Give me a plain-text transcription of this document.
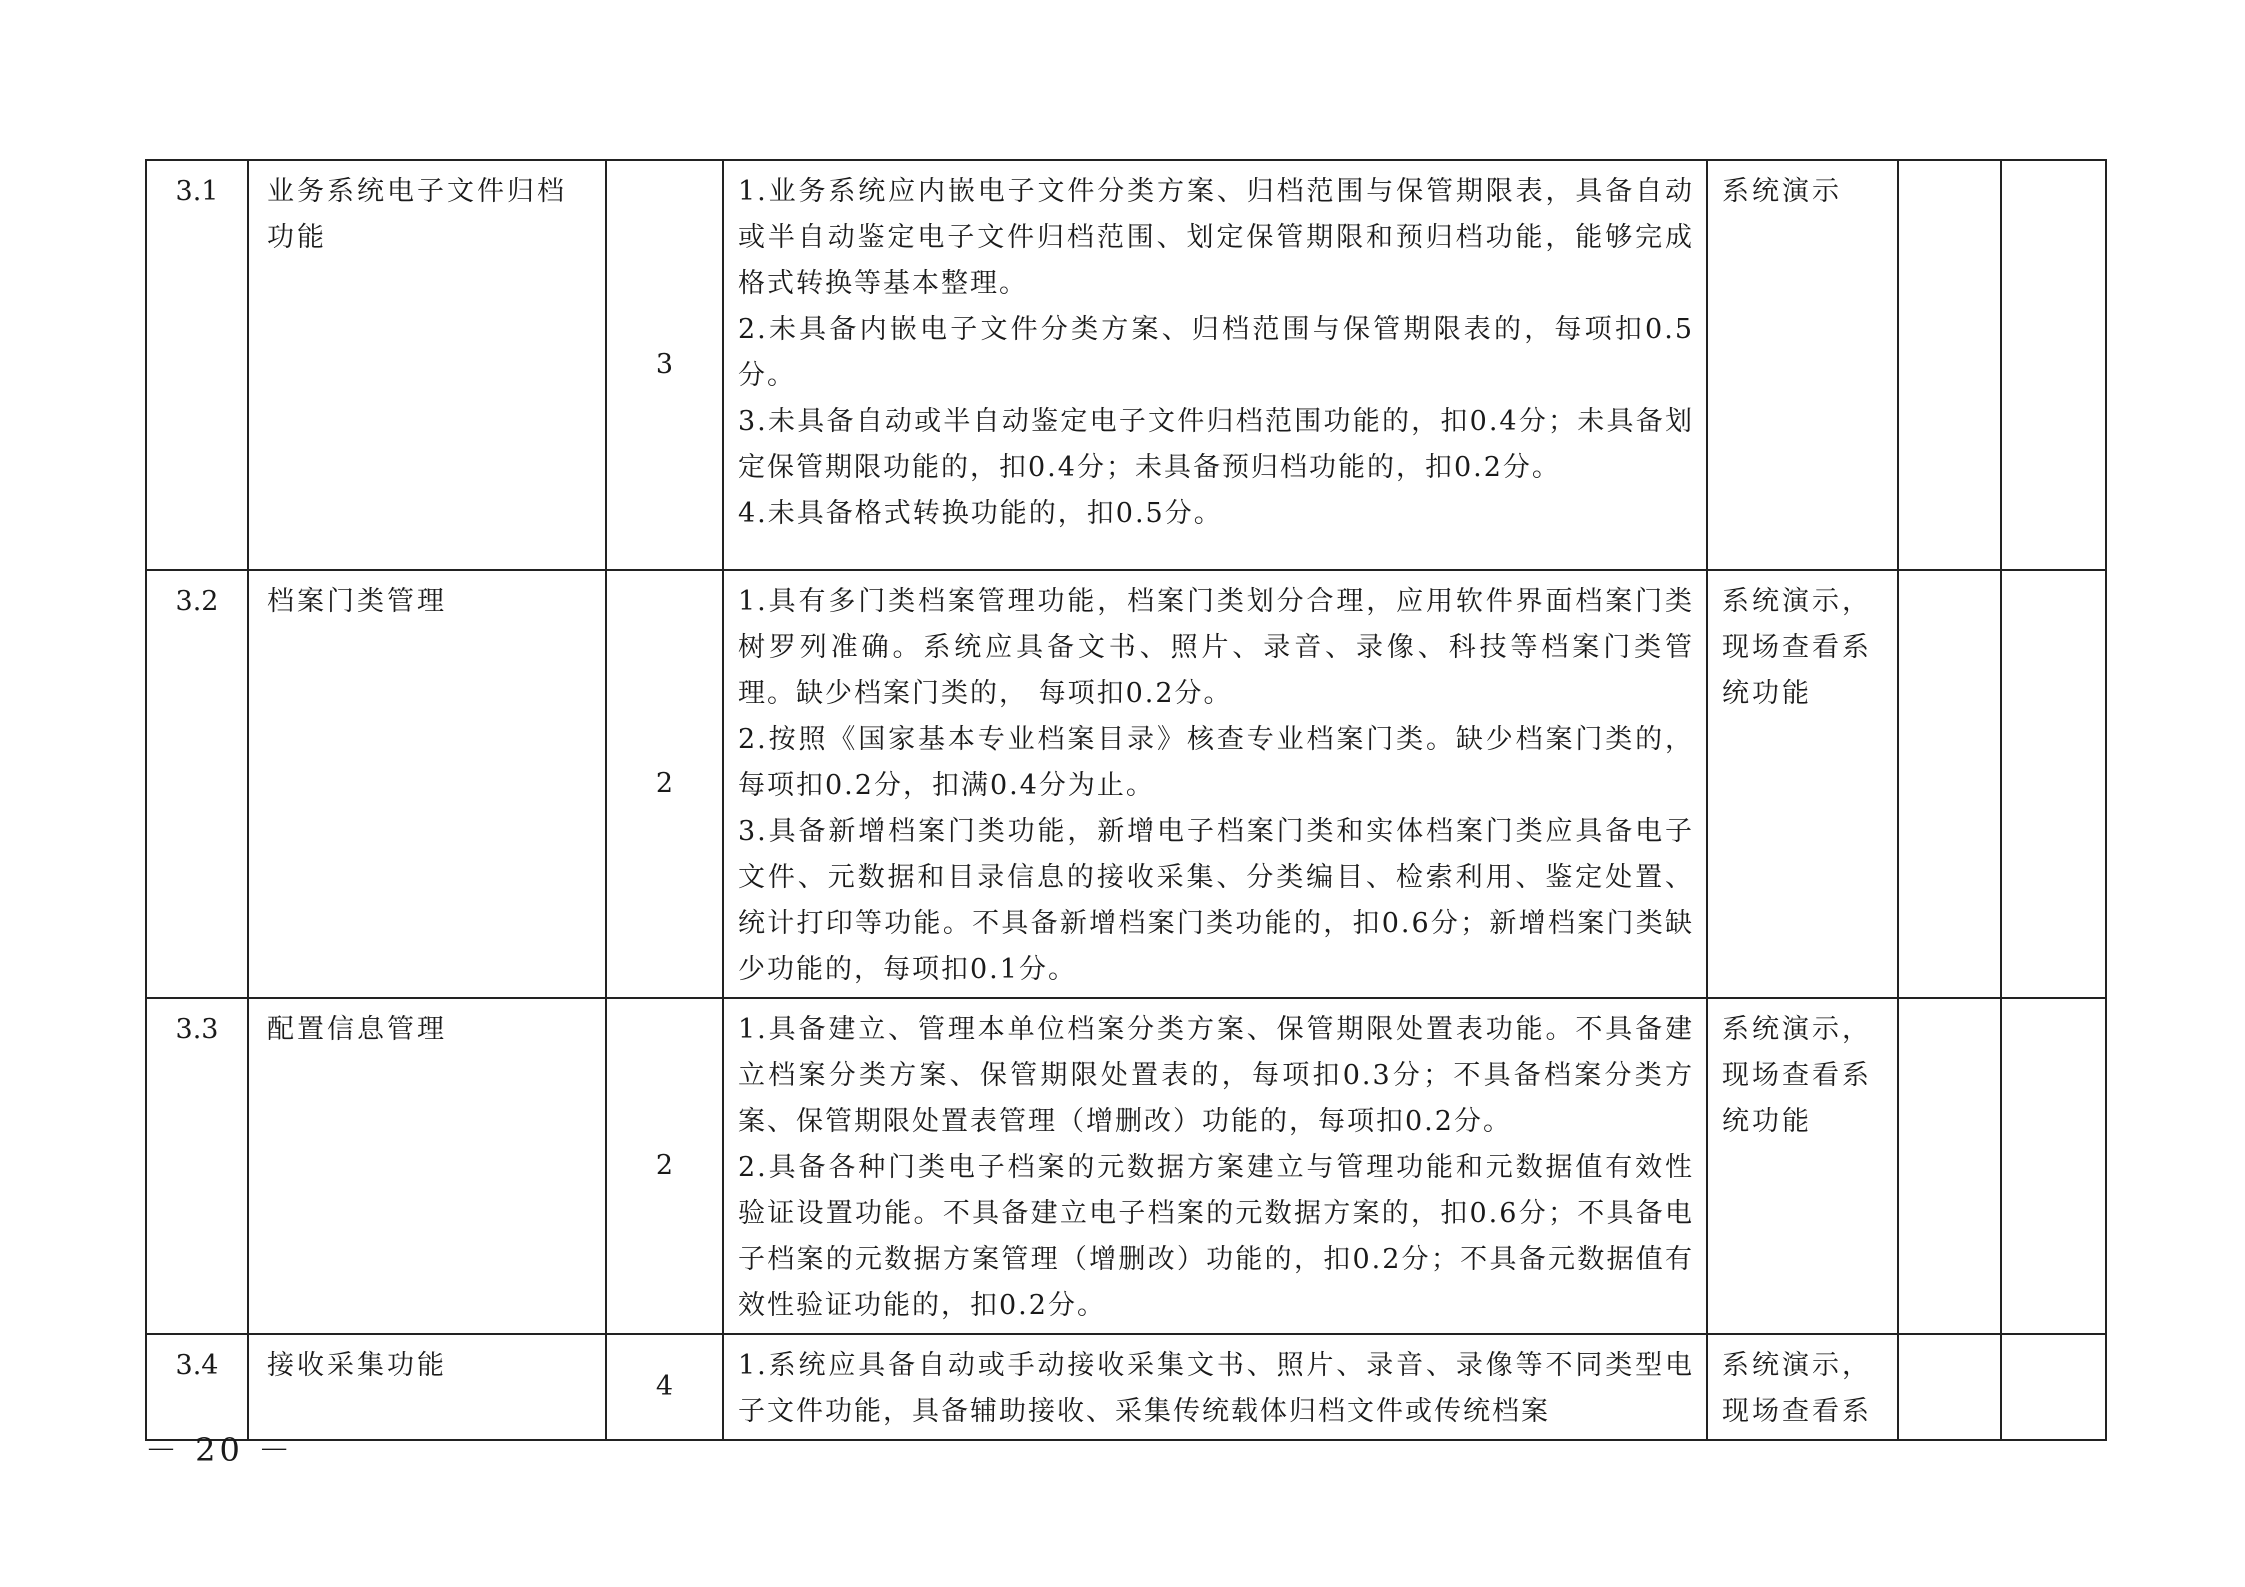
3.1	业务系统电子文件归档功能	3	1.业务系统应内嵌电子文件分类方案、归档范围与保管期限表，具备自动或半自动鉴定电子文件归档范围、划定保管期限和预归档功能，能够完成格式转换等基本整理。
2.未具备内嵌电子文件分类方案、归档范围与保管期限表的，每项扣0.5分。
3.未具备自动或半自动鉴定电子文件归档范围功能的，扣0.4分；未具备划定保管期限功能的，扣0.4分；未具备预归档功能的，扣0.2分。
4.未具备格式转换功能的，扣0.5分。	系统演示		
3.2	档案门类管理	2	1.具有多门类档案管理功能，档案门类划分合理，应用软件界面档案门类树罗列准确。系统应具备文书、照片、录音、录像、科技等档案门类管理。缺少档案门类的， 每项扣0.2分。
2.按照《国家基本专业档案目录》核查专业档案门类。缺少档案门类的，每项扣0.2分，扣满0.4分为止。
3.具备新增档案门类功能，新增电子档案门类和实体档案门类应具备电子文件、元数据和目录信息的接收采集、分类编目、检索利用、鉴定处置、统计打印等功能。不具备新增档案门类功能的，扣0.6分；新增档案门类缺少功能的，每项扣0.1分。	系统演示，现场查看系统功能		
3.3	配置信息管理	2	1.具备建立、管理本单位档案分类方案、保管期限处置表功能。不具备建立档案分类方案、保管期限处置表的，每项扣0.3分；不具备档案分类方案、保管期限处置表管理（增删改）功能的，每项扣0.2分。
2.具备各种门类电子档案的元数据方案建立与管理功能和元数据值有效性验证设置功能。不具备建立电子档案的元数据方案的，扣0.6分；不具备电子档案的元数据方案管理（增删改）功能的，扣0.2分；不具备元数据值有效性验证功能的，扣0.2分。	系统演示，现场查看系统功能		
3.4	接收采集功能	4	1.系统应具备自动或手动接收采集文书、照片、录音、录像等不同类型电子文件功能，具备辅助接收、采集传统载体归档文件或传统档案	系统演示，现场查看系		
－ 20 －
